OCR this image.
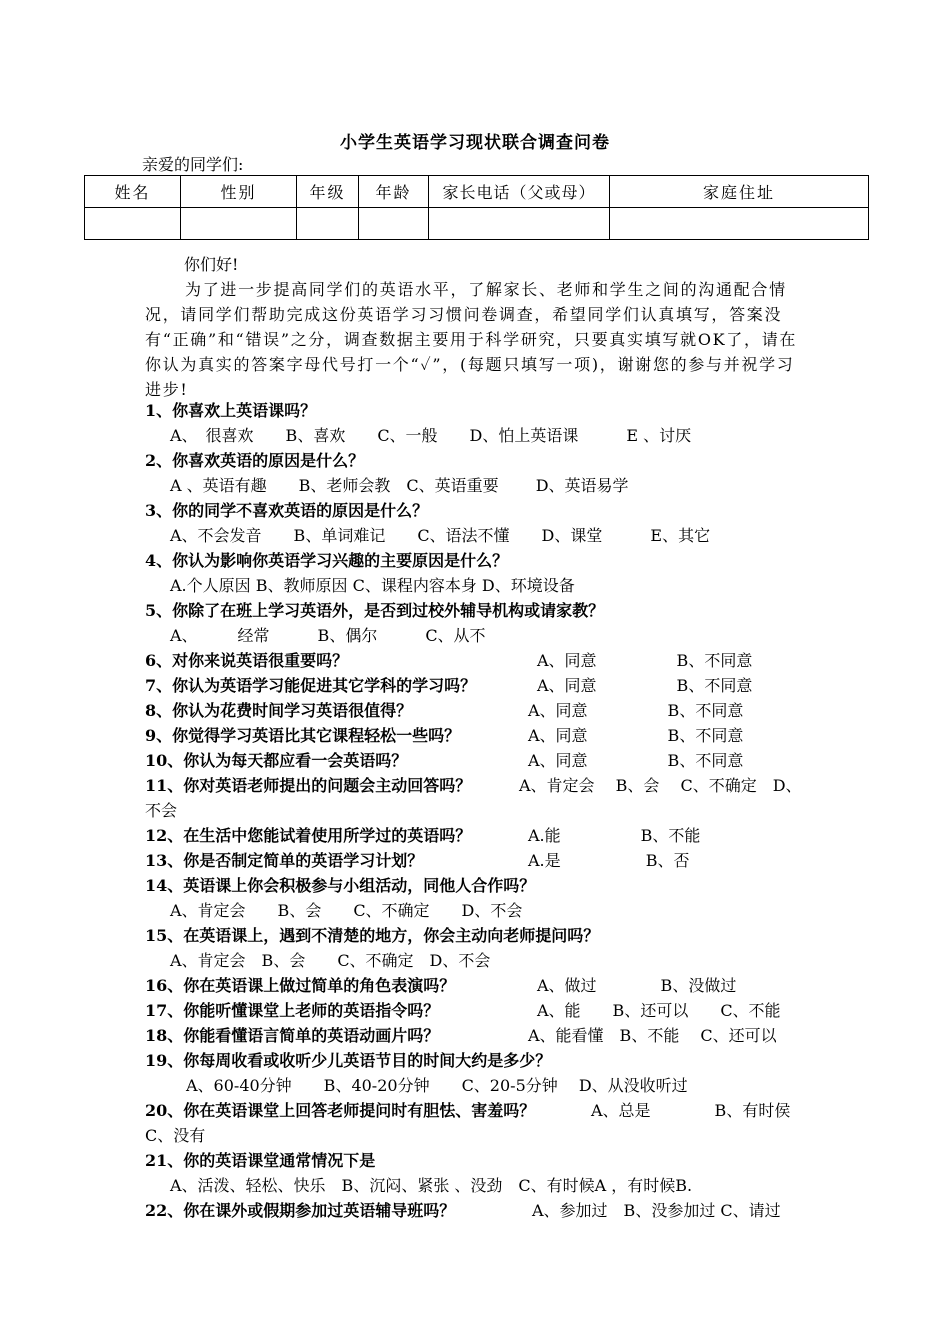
小学生英语学习现状联合调查问卷
亲爱的同学们:
姓名	性别	年级	年龄	家长电话（父或母）	家庭住址

你们好!
为了进一步提高同学们的英语水平，了解家长、老师和学生之间的沟通配合情况，请同学们帮助完成这份英语学习习惯问卷调查，希望同学们认真填写，答案没有“正确”和“错误”之分，调查数据主要用于科学研究，只要真实填写就OK了，请在你认为真实的答案字母代号打一个“✓”，(每题只填写一项)，谢谢您的参与并祝学习进步!
1、你喜欢上英语课吗？
A、　很喜欢　　B、喜欢　　C、一般　　D、怕上英语课　　　E 、讨厌
2、你喜欢英语的原因是什么？
A 、英语有趣　　B、老师会教　C、英语重要　　 D、英语易学
3、你的同学不喜欢英语的原因是什么？
A、不会发音　　B、单词难记　　C、语法不懂　　D、课堂　　　E、其它
4、你认为影响你英语学习兴趣的主要原因是什么？
A.个人原因 B、教师原因 C、课程内容本身 D、环境设备
5、你除了在班上学习英语外，是否到过校外辅导机构或请家教？
A、　　　经常　　　B、偶尔　　　C、从不
6、对你来说英语很重要吗？	A、同意　　　　　B、不同意
7、你认为英语学习能促进其它学科的学习吗？	A、同意　　　　　B、不同意
8、你认为花费时间学习英语很值得？	A、同意　　　　　B、不同意
9、你觉得学习英语比其它课程轻松一些吗？	A、同意　　　　　B、不同意
10、你认为每天都应看一会英语吗？	A、同意　　　　　B、不同意
11、你对英语老师提出的问题会主动回答吗？	A、肯定会　 B、会　 C、不确定　D、
不会
12、在生活中您能试着使用所学过的英语吗？	A.能　　　　　B、不能
13、你是否制定简单的英语学习计划？	A.是　　　　　 B、否
14、英语课上你会积极参与小组活动，同他人合作吗？
A、肯定会　　B、会　　C、不确定　　D、不会
15、在英语课上，遇到不清楚的地方，你会主动向老师提问吗？
A、肯定会　B、会　　C、不确定　D、不会
16、你在英语课上做过简单的角色表演吗？	A、做过　　　　B、没做过
17、你能听懂课堂上老师的英语指令吗？	A、能　　B、还可以　　C、不能
18、你能看懂语言简单的英语动画片吗？	A、能看懂　B、不能　 C、还可以
19、你每周收看或收听少儿英语节目的时间大约是多少？
　A、60-40分钟　　B、40-20分钟　　C、20-5分钟　 D、从没收听过
20、你在英语课堂上回答老师提问时有胆怯、害羞吗？	A、总是　　　　B、有时侯
C、没有
21、你的英语课堂通常情况下是
A、活泼、轻松、快乐　B、沉闷、紧张 、没劲　C、有时候A ，有时候B.
22、你在课外或假期参加过英语辅导班吗？	A、参加过　B、没参加过 C、请过
